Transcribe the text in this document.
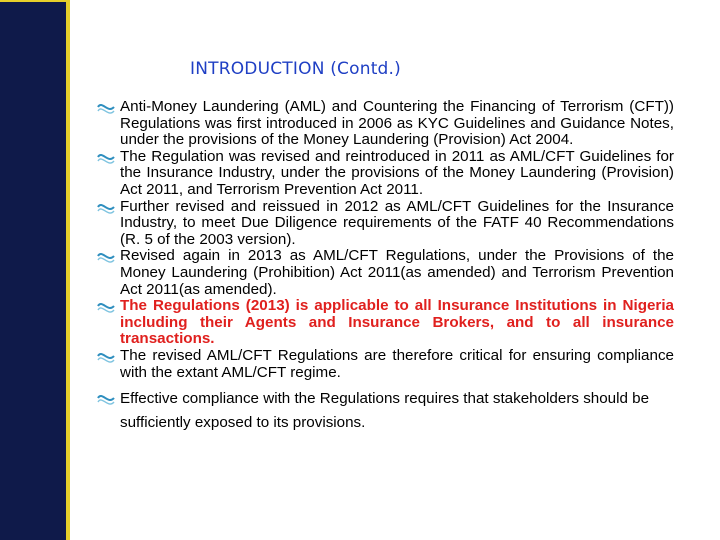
INTRODUCTION (Contd.)
Anti-Money Laundering (AML) and Countering the Financing of Terrorism (CFT)) Regulations was first introduced in 2006 as KYC Guidelines and Guidance Notes, under the provisions of the Money Laundering (Provision) Act 2004.
The Regulation was revised and reintroduced in 2011 as AML/CFT Guidelines for the Insurance Industry, under the provisions of the Money Laundering (Provision) Act 2011, and Terrorism Prevention Act 2011.
Further revised and reissued in 2012 as AML/CFT Guidelines for the Insurance Industry, to meet Due Diligence requirements of the FATF 40 Recommendations (R. 5 of the 2003 version).
Revised again in 2013 as AML/CFT Regulations, under the Provisions of the Money Laundering (Prohibition) Act 2011(as amended) and Terrorism Prevention Act 2011(as amended).
The Regulations (2013) is applicable to all Insurance Institutions in Nigeria including their Agents and Insurance Brokers, and to all insurance transactions.
The revised AML/CFT Regulations are therefore critical for ensuring compliance with the extant AML/CFT regime.
Effective compliance with the Regulations requires that stakeholders should be sufficiently exposed to its provisions.
